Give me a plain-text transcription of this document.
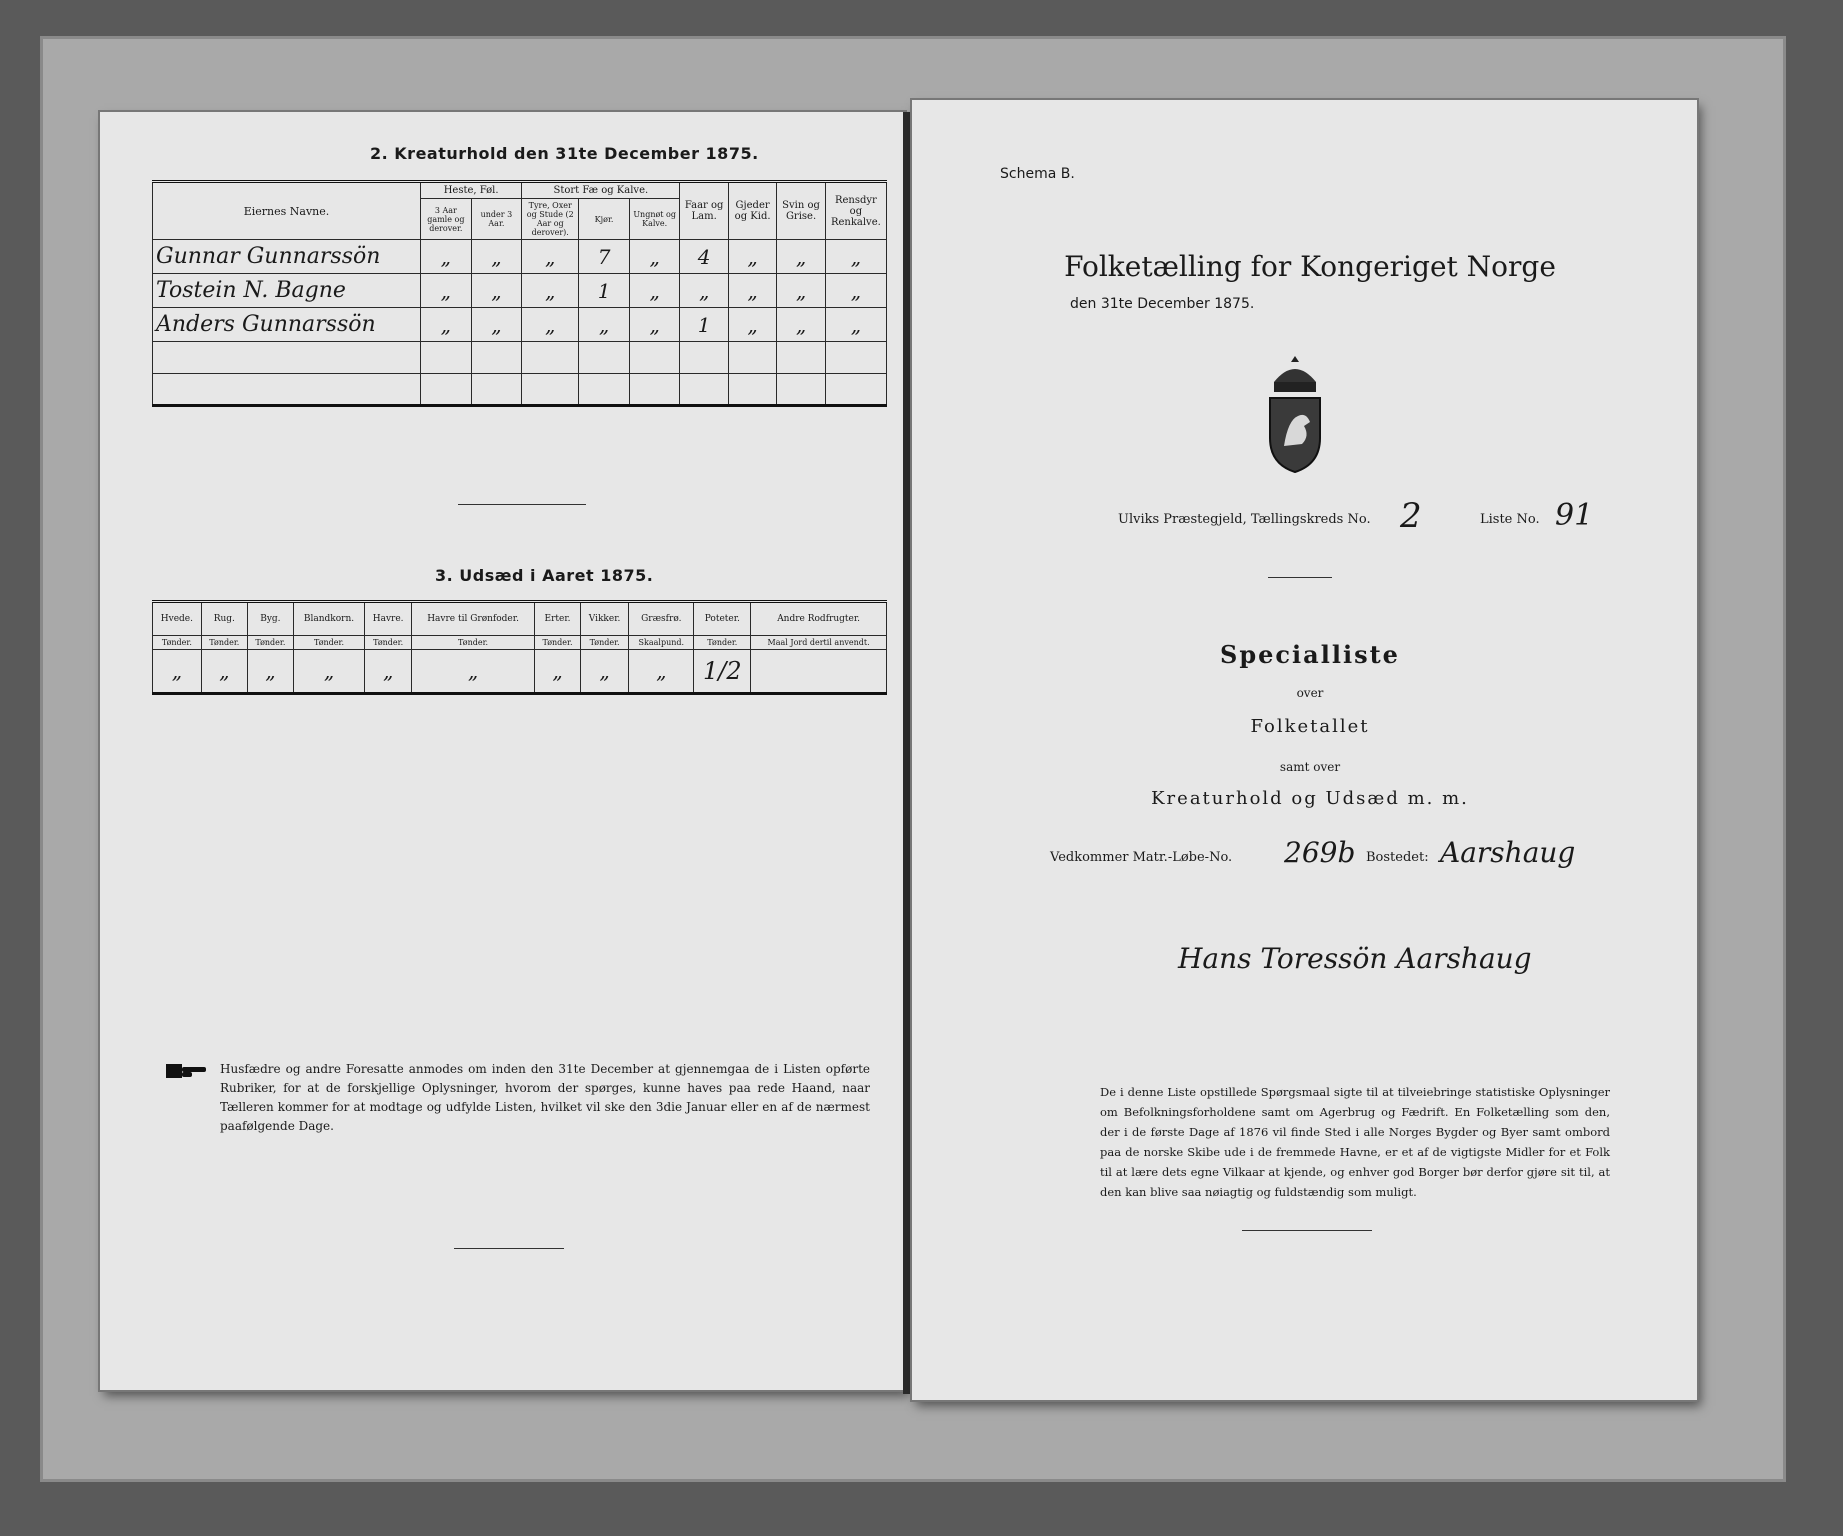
2. Kreaturhold den 31te December 1875.
Eiernes Navne.	Heste, Føl.		Stort Fæ og Kalve.			Faar og Lam.	Gjeder og Kid.	Svin og Grise.	Rensdyr og Renkalve.
	3 Aar gamle og derover.	under 3 Aar.	Tyre, Oxer og Stude (2 Aar og derover).	Kjør.	Ungnøt og Kalve.				
Gunnar Gunnarssön	„	„	„	7	„	4	„	„	„
Tostein N. Bagne	„	„	„	1	„	„	„	„	„
Anders Gunnarssön	„	„	„	„	„	1	„	„	„

3. Udsæd i Aaret 1875.
Hvede.	Rug.	Byg.	Blandkorn.	Havre.	Havre til Grønfoder.	Erter.	Vikker.	Græsfrø.	Poteter.	Andre Rodfrugter.
Tønder.	Tønder.	Tønder.	Tønder.	Tønder.	Tønder.	Tønder.	Tønder.	Skaalpund.	Tønder.	Maal Jord dertil anvendt.
„	„	„	„	„	„	„	„	„	1/2	
Husfædre og andre Foresatte anmodes om inden den 31te December at gjennemgaa de i Listen opførte Rubriker, for at de forskjellige Oplysninger, hvorom der spørges, kunne haves paa rede Haand, naar Tælleren kommer for at modtage og udfylde Listen, hvilket vil ske den 3die Januar eller en af de nærmest paafølgende Dage.
Schema B.
Folketælling for Kongeriget Norge
den 31te December 1875.
Ulviks Præstegjeld, Tællingskreds No. 2	Liste No. 91
Specialliste
over
Folketallet
samt over
Kreaturhold og Udsæd m. m.
Vedkommer Matr.-Løbe-No. 269b Bostedet: Aarshaug
Hans Toressön Aarshaug
De i denne Liste opstillede Spørgsmaal sigte til at tilveiebringe statistiske Oplysninger om Befolkningsforholdene samt om Agerbrug og Fædrift. En Folketælling som den, der i de første Dage af 1876 vil finde Sted i alle Norges Bygder og Byer samt ombord paa de norske Skibe ude i de fremmede Havne, er et af de vigtigste Midler for et Folk til at lære dets egne Vilkaar at kjende, og enhver god Borger bør derfor gjøre sit til, at den kan blive saa nøiagtig og fuldstændig som muligt.
